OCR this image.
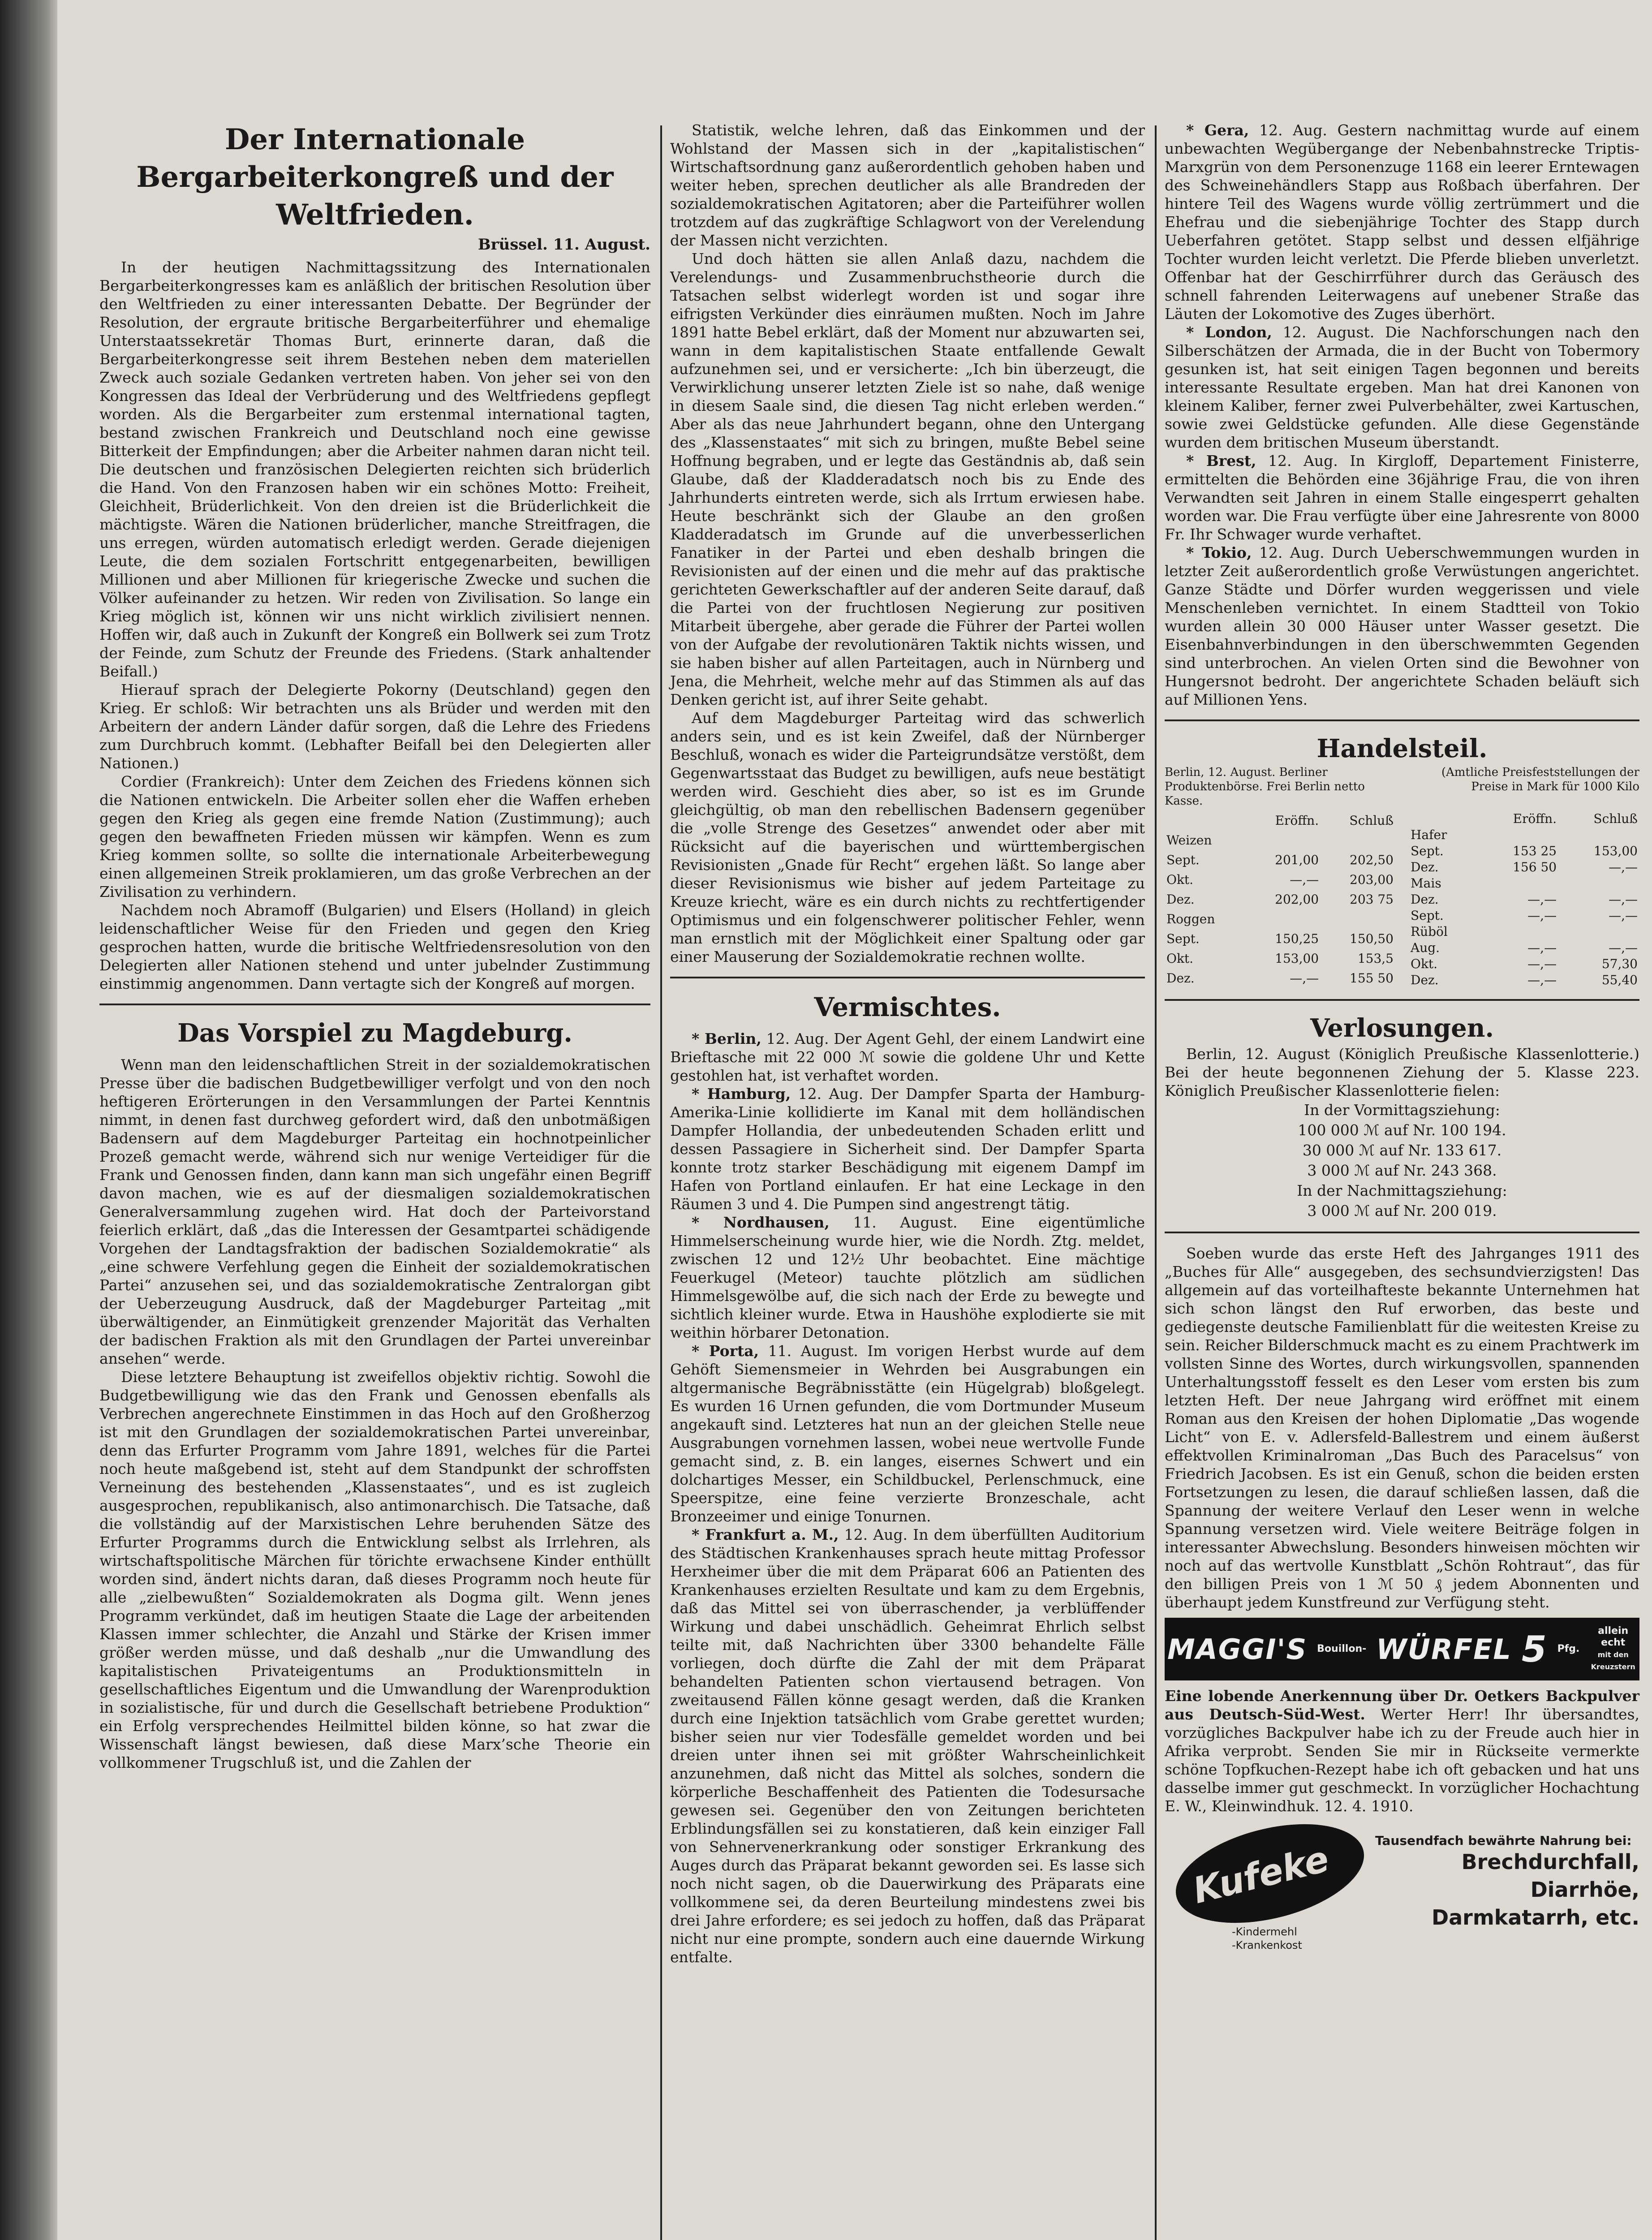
Der Internationale Bergarbeiterkongreß und der Weltfrieden.
Brüssel. 11. August.

In der heutigen Nachmittagssitzung des Internationalen Bergarbeiterkongresses kam es anläßlich der britischen Resolution über den Weltfrieden zu einer interessanten Debatte. Der Begründer der Resolution, der ergraute britische Bergarbeiterführer und ehemalige Unterstaatssekretär Thomas Burt, erinnerte daran, daß die Bergarbeiterkongresse seit ihrem Bestehen neben dem materiellen Zweck auch soziale Gedanken vertreten haben. Von jeher sei von den Kongressen das Ideal der Verbrüderung und des Weltfriedens gepflegt worden. Als die Bergarbeiter zum erstenmal international tagten, bestand zwischen Frankreich und Deutschland noch eine gewisse Bitterkeit der Empfindungen; aber die Arbeiter nahmen daran nicht teil. Die deutschen und französischen Delegierten reichten sich brüderlich die Hand. Von den Franzosen haben wir ein schönes Motto: Freiheit, Gleichheit, Brüderlichkeit. Von den dreien ist die Brüderlichkeit die mächtigste. Wären die Nationen brüderlicher, manche Streitfragen, die uns erregen, würden automatisch erledigt werden. Gerade diejenigen Leute, die dem sozialen Fortschritt entgegenarbeiten, bewilligen Millionen und aber Millionen für kriegerische Zwecke und suchen die Völker aufeinander zu hetzen. Wir reden von Zivilisation. So lange ein Krieg möglich ist, können wir uns nicht wirklich zivilisiert nennen. Hoffen wir, daß auch in Zukunft der Kongreß ein Bollwerk sei zum Trotz der Feinde, zum Schutz der Freunde des Friedens. (Stark anhaltender Beifall.)

Hierauf sprach der Delegierte Pokorny (Deutschland) gegen den Krieg. Er schloß: Wir betrachten uns als Brüder und werden mit den Arbeitern der andern Länder dafür sorgen, daß die Lehre des Friedens zum Durchbruch kommt. (Lebhafter Beifall bei den Delegierten aller Nationen.)

Cordier (Frankreich): Unter dem Zeichen des Friedens können sich die Nationen entwickeln. Die Arbeiter sollen eher die Waffen erheben gegen den Krieg als gegen eine fremde Nation (Zustimmung); auch gegen den bewaffneten Frieden müssen wir kämpfen. Wenn es zum Krieg kommen sollte, so sollte die internationale Arbeiterbewegung einen allgemeinen Streik proklamieren, um das große Verbrechen an der Zivilisation zu verhindern.

Nachdem noch Abramoff (Bulgarien) und Elsers (Holland) in gleich leidenschaftlicher Weise für den Frieden und gegen den Krieg gesprochen hatten, wurde die britische Weltfriedensresolution von den Delegierten aller Nationen stehend und unter jubelnder Zustimmung einstimmig angenommen. Dann vertagte sich der Kongreß auf morgen.

Das Vorspiel zu Magdeburg.

Wenn man den leidenschaftlichen Streit in der sozialdemokratischen Presse über die badischen Budgetbewilliger verfolgt und von den noch heftigeren Erörterungen in den Versammlungen der Partei Kenntnis nimmt, in denen fast durchweg gefordert wird, daß den unbotmäßigen Badensern auf dem Magdeburger Parteitag ein hochnotpeinlicher Prozeß gemacht werde, während sich nur wenige Verteidiger für die Frank und Genossen finden, dann kann man sich ungefähr einen Begriff davon machen, wie es auf der diesmaligen sozialdemokratischen Generalversammlung zugehen wird. Hat doch der Parteivorstand feierlich erklärt, daß „das die Interessen der Gesamtpartei schädigende Vorgehen der Landtagsfraktion der badischen Sozialdemokratie“ als „eine schwere Verfehlung gegen die Einheit der sozialdemokratischen Partei“ anzusehen sei, und das sozialdemokratische Zentralorgan gibt der Ueberzeugung Ausdruck, daß der Magdeburger Parteitag „mit überwältigender, an Einmütigkeit grenzender Majorität das Verhalten der badischen Fraktion als mit den Grundlagen der Partei unvereinbar ansehen“ werde.

Diese letztere Behauptung ist zweifellos objektiv richtig. Sowohl die Budgetbewilligung wie das den Frank und Genossen ebenfalls als Verbrechen angerechnete Einstimmen in das Hoch auf den Großherzog ist mit den Grundlagen der sozialdemokratischen Partei unvereinbar, denn das Erfurter Programm vom Jahre 1891, welches für die Partei noch heute maßgebend ist, steht auf dem Standpunkt der schroffsten Verneinung des bestehenden „Klassenstaates“, und es ist zugleich ausgesprochen, republikanisch, also antimonarchisch. Die Tatsache, daß die vollständig auf der Marxistischen Lehre beruhenden Sätze des Erfurter Programms durch die Entwicklung selbst als Irrlehren, als wirtschaftspolitische Märchen für törichte erwachsene Kinder enthüllt worden sind, ändert nichts daran, daß dieses Programm noch heute für alle „zielbewußten“ Sozialdemokraten als Dogma gilt. Wenn jenes Programm verkündet, daß im heutigen Staate die Lage der arbeitenden Klassen immer schlechter, die Anzahl und Stärke der Krisen immer größer werden müsse, und daß deshalb „nur die Umwandlung des kapitalistischen Privateigentums an Produktionsmitteln in gesellschaftliches Eigentum und die Umwandlung der Warenproduktion in sozialistische, für und durch die Gesellschaft betriebene Produktion“ ein Erfolg versprechendes Heilmittel bilden könne, so hat zwar die Wissenschaft längst bewiesen, daß diese Marx’sche Theorie ein vollkommener Trugschluß ist, und die Zahlen der

Statistik, welche lehren, daß das Einkommen und der Wohlstand der Massen sich in der „kapitalistischen“ Wirtschaftsordnung ganz außerordentlich gehoben haben und weiter heben, sprechen deutlicher als alle Brandreden der sozialdemokratischen Agitatoren; aber die Parteiführer wollen trotzdem auf das zugkräftige Schlagwort von der Verelendung der Massen nicht verzichten.

Und doch hätten sie allen Anlaß dazu, nachdem die Verelendungs- und Zusammenbruchstheorie durch die Tatsachen selbst widerlegt worden ist und sogar ihre eifrigsten Verkünder dies einräumen mußten. Noch im Jahre 1891 hatte Bebel erklärt, daß der Moment nur abzuwarten sei, wann in dem kapitalistischen Staate entfallende Gewalt aufzunehmen sei, und er versicherte: „Ich bin überzeugt, die Verwirklichung unserer letzten Ziele ist so nahe, daß wenige in diesem Saale sind, die diesen Tag nicht erleben werden.“ Aber als das neue Jahrhundert begann, ohne den Untergang des „Klassenstaates“ mit sich zu bringen, mußte Bebel seine Hoffnung begraben, und er legte das Geständnis ab, daß sein Glaube, daß der Kladderadatsch noch bis zu Ende des Jahrhunderts eintreten werde, sich als Irrtum erwiesen habe. Heute beschränkt sich der Glaube an den großen Kladderadatsch im Grunde auf die unverbesserlichen Fanatiker in der Partei und eben deshalb bringen die Revisionisten auf der einen und die mehr auf das praktische gerichteten Gewerkschaftler auf der anderen Seite darauf, daß die Partei von der fruchtlosen Negierung zur positiven Mitarbeit übergehe, aber gerade die Führer der Partei wollen von der Aufgabe der revolutionären Taktik nichts wissen, und sie haben bisher auf allen Parteitagen, auch in Nürnberg und Jena, die Mehrheit, welche mehr auf das Stimmen als auf das Denken gericht ist, auf ihrer Seite gehabt.

Auf dem Magdeburger Parteitag wird das schwerlich anders sein, und es ist kein Zweifel, daß der Nürnberger Beschluß, wonach es wider die Parteigrundsätze verstößt, dem Gegenwartsstaat das Budget zu bewilligen, aufs neue bestätigt werden wird. Geschieht dies aber, so ist es im Grunde gleichgültig, ob man den rebellischen Badensern gegenüber die „volle Strenge des Gesetzes“ anwendet oder aber mit Rücksicht auf die bayerischen und württembergischen Revisionisten „Gnade für Recht“ ergehen läßt. So lange aber dieser Revisionismus wie bisher auf jedem Parteitage zu Kreuze kriecht, wäre es ein durch nichts zu rechtfertigender Optimismus und ein folgenschwerer politischer Fehler, wenn man ernstlich mit der Möglichkeit einer Spaltung oder gar einer Mauserung der Sozialdemokratie rechnen wollte.

Vermischtes.

* Berlin, 12. Aug. Der Agent Gehl, der einem Landwirt eine Brieftasche mit 22 000 ℳ sowie die goldene Uhr und Kette gestohlen hat, ist verhaftet worden.

* Hamburg, 12. Aug. Der Dampfer Sparta der Hamburg-Amerika-Linie kollidierte im Kanal mit dem holländischen Dampfer Hollandia, der unbedeutenden Schaden erlitt und dessen Passagiere in Sicherheit sind. Der Dampfer Sparta konnte trotz starker Beschädigung mit eigenem Dampf im Hafen von Portland einlaufen. Er hat eine Leckage in den Räumen 3 und 4. Die Pumpen sind angestrengt tätig.

* Nordhausen, 11. August. Eine eigentümliche Himmelserscheinung wurde hier, wie die Nordh. Ztg. meldet, zwischen 12 und 12½ Uhr beobachtet. Eine mächtige Feuerkugel (Meteor) tauchte plötzlich am südlichen Himmelsgewölbe auf, die sich nach der Erde zu bewegte und sichtlich kleiner wurde. Etwa in Haushöhe explodierte sie mit weithin hörbarer Detonation.

* Porta, 11. August. Im vorigen Herbst wurde auf dem Gehöft Siemensmeier in Wehrden bei Ausgrabungen ein altgermanische Begräbnisstätte (ein Hügelgrab) bloßgelegt. Es wurden 16 Urnen gefunden, die vom Dortmunder Museum angekauft sind. Letzteres hat nun an der gleichen Stelle neue Ausgrabungen vornehmen lassen, wobei neue wertvolle Funde gemacht sind, z. B. ein langes, eisernes Schwert und ein dolchartiges Messer, ein Schildbuckel, Perlenschmuck, eine Speerspitze, eine feine verzierte Bronzeschale, acht Bronzeeimer und einige Tonurnen.

* Frankfurt a. M., 12. Aug. In dem überfüllten Auditorium des Städtischen Krankenhauses sprach heute mittag Professor Herxheimer über die mit dem Präparat 606 an Patienten des Krankenhauses erzielten Resultate und kam zu dem Ergebnis, daß das Mittel sei von überraschender, ja verblüffender Wirkung und dabei unschädlich. Geheimrat Ehrlich selbst teilte mit, daß Nachrichten über 3300 behandelte Fälle vorliegen, doch dürfte die Zahl der mit dem Präparat behandelten Patienten schon viertausend betragen. Von zweitausend Fällen könne gesagt werden, daß die Kranken durch eine Injektion tatsächlich vom Grabe gerettet wurden; bisher seien nur vier Todesfälle gemeldet worden und bei dreien unter ihnen sei mit größter Wahrscheinlichkeit anzunehmen, daß nicht das Mittel als solches, sondern die körperliche Beschaffenheit des Patienten die Todesursache gewesen sei. Gegenüber den von Zeitungen berichteten Erblindungsfällen sei zu konstatieren, daß kein einziger Fall von Sehnervenerkrankung oder sonstiger Erkrankung des Auges durch das Präparat bekannt geworden sei. Es lasse sich noch nicht sagen, ob die Dauerwirkung des Präparats eine vollkommene sei, da deren Beurteilung mindestens zwei bis drei Jahre erfordere; es sei jedoch zu hoffen, daß das Präparat nicht nur eine prompte, sondern auch eine dauernde Wirkung entfalte.

* Gera, 12. Aug. Gestern nachmittag wurde auf einem unbewachten Wegübergange der Nebenbahnstrecke Triptis-Marxgrün von dem Personenzuge 1168 ein leerer Erntewagen des Schweinehändlers Stapp aus Roßbach überfahren. Der hintere Teil des Wagens wurde völlig zertrümmert und die Ehefrau und die siebenjährige Tochter des Stapp durch Ueberfahren getötet. Stapp selbst und dessen elfjährige Tochter wurden leicht verletzt. Die Pferde blieben unverletzt. Offenbar hat der Geschirrführer durch das Geräusch des schnell fahrenden Leiterwagens auf unebener Straße das Läuten der Lokomotive des Zuges überhört.

* London, 12. August. Die Nachforschungen nach den Silberschätzen der Armada, die in der Bucht von Tobermory gesunken ist, hat seit einigen Tagen begonnen und bereits interessante Resultate ergeben. Man hat drei Kanonen von kleinem Kaliber, ferner zwei Pulverbehälter, zwei Kartuschen, sowie zwei Geldstücke gefunden. Alle diese Gegenstände wurden dem britischen Museum überstandt.

* Brest, 12. Aug. In Kirgloff, Departement Finisterre, ermittelten die Behörden eine 36jährige Frau, die von ihren Verwandten seit Jahren in einem Stalle eingesperrt gehalten worden war. Die Frau verfügte über eine Jahresrente von 8000 Fr. Ihr Schwager wurde verhaftet.

* Tokio, 12. Aug. Durch Ueberschwemmungen wurden in letzter Zeit außerordentlich große Verwüstungen angerichtet. Ganze Städte und Dörfer wurden weggerissen und viele Menschenleben vernichtet. In einem Stadtteil von Tokio wurden allein 30 000 Häuser unter Wasser gesetzt. Die Eisenbahnverbindungen in den überschwemmten Gegenden sind unterbrochen. An vielen Orten sind die Bewohner von Hungersnot bedroht. Der angerichtete Schaden beläuft sich auf Millionen Yens.

Handelsteil.
Berlin, 12. August. Berliner Produktenbörse. Frei Berlin netto Kasse.
(Amtliche Preisfeststellungen der Preise in Mark für 1000 Kilo
	Eröffn.	Schluß
Weizen		
Sept.	201,00	202,50
Okt.	—,—	203,00
Dez.	202,00	203 75

Roggen		
Sept.	150,25	150,50
Okt.	153,00	153,5
Dez.	—,—	155 50
	Eröffn.	Schluß

Hafer		
Sept.	153 25	153,00
Dez.	156 50	—,—
Mais		
Dez.	—,—	—,—
Sept.	—,—	—,—
Rüböl		
Aug.	—,—	—,—
Okt.	—,—	57,30
Dez.	—,—	55,40
Verlosungen.

Berlin, 12. August (Königlich Preußische Klassenlotterie.) Bei der heute begonnenen Ziehung der 5. Klasse 223. Königlich Preußischer Klassenlotterie fielen:

In der Vormittagsziehung:
100 000 ℳ auf Nr. 100 194.
30 000 ℳ auf Nr. 133 617.
3 000 ℳ auf Nr. 243 368.
In der Nachmittagsziehung:
3 000 ℳ auf Nr. 200 019.

Soeben wurde das erste Heft des Jahrganges 1911 des „Buches für Alle“ ausgegeben, des sechsundvierzigsten! Das allgemein auf das vorteilhafteste bekannte Unternehmen hat sich schon längst den Ruf erworben, das beste und gediegenste deutsche Familienblatt für die weitesten Kreise zu sein. Reicher Bilderschmuck macht es zu einem Prachtwerk im vollsten Sinne des Wortes, durch wirkungsvollen, spannenden Unterhaltungsstoff fesselt es den Leser vom ersten bis zum letzten Heft. Der neue Jahrgang wird eröffnet mit einem Roman aus den Kreisen der hohen Diplomatie „Das wogende Licht“ von E. v. Adlersfeld-Ballestrem und einem äußerst effektvollen Kriminalroman „Das Buch des Paracelsus“ von Friedrich Jacobsen. Es ist ein Genuß, schon die beiden ersten Fortsetzungen zu lesen, die darauf schließen lassen, daß die Spannung der weitere Verlauf den Leser wenn in welche Spannung versetzen wird. Viele weitere Beiträge folgen in interessanter Abwechslung. Besonders hinweisen möchten wir noch auf das wertvolle Kunstblatt „Schön Rohtraut“, das für den billigen Preis von 1 ℳ 50 ₰ jedem Abonnenten und überhaupt jedem Kunstfreund zur Verfügung steht.

MAGGI'S Bouillon- WÜRFEL 5 Pfg.
allein
echt
mit den Kreuzstern

Eine lobende Anerkennung über Dr. Oetkers Backpulver aus Deutsch-Süd-West. Werter Herr! Ihr übersandtes, vorzügliches Backpulver habe ich zu der Freude auch hier in Afrika verprobt. Senden Sie mir in Rückseite vermerkte schöne Topfkuchen-Rezept habe ich oft gebacken und hat uns dasselbe immer gut geschmeckt. In vorzüglicher Hochachtung E. W., Kleinwindhuk. 12. 4. 1910.

Kufeke
-Kindermehl
-Krankenkost
Tausendfach bewährte Nahrung bei:
Brechdurchfall,
Diarrhöe,
Darmkatarrh, etc.
